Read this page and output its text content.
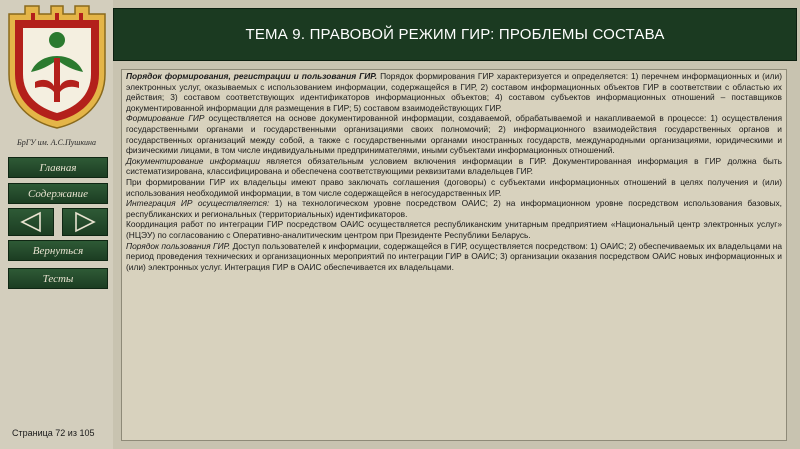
БрГУ им. А.С.Пушкина
Главная
Содержание
Вернуться
Тесты
Страница 72 из 105
ТЕМА 9. ПРАВОВОЙ РЕЖИМ ГИР: ПРОБЛЕМЫ СОСТАВА

Порядок формирования, регистрации и пользования ГИР. Порядок формирования ГИР характеризуется и определяется: 1) перечнем информационных и (или) электронных услуг, оказываемых с использованием информации, содержащейся в ГИР, 2) составом информационных объектов ГИР в соответствии с областью их действия; 3) составом соответствующих идентификаторов информационных объектов; 4) составом субъектов информационных отношений – поставщиков документированной информации для размещения в ГИР; 5) составом взаимодействующих ГИР.

Формирование ГИР осуществляется на основе документированной информации, создаваемой, обрабатываемой и накапливаемой в процессе: 1) осуществления государственными органами и государственными организациями своих полномочий; 2) информационного взаимодействия государственных органов и государственных организаций между собой, а также с государственными органами иностранных государств, международными организациями, юридическими и физическими лицами, в том числе индивидуальными предпринимателями, иными субъектами информационных отношений.

Документирование информации является обязательным условием включения информации в ГИР. Документированная информация в ГИР должна быть систематизирована, классифицирована и обеспечена соответствующими реквизитами владельцев ГИР.

При формировании ГИР их владельцы имеют право заключать соглашения (договоры) с субъектами информационных отношений в целях получения и (или) использования необходимой информации, в том числе содержащейся в негосударственных ИР.

Интеграция ИР осуществляется: 1) на технологическом уровне посредством ОАИС; 2) на информационном уровне посредством использования базовых, республиканских и региональных (территориальных) идентификаторов.

Координация работ по интеграции ГИР посредством ОАИС осуществляется республиканским унитарным предприятием «Национальный центр электронных услуг» (НЦЭУ) по согласованию с Оперативно-аналитическим центром при Президенте Республики Беларусь.

Порядок пользования ГИР. Доступ пользователей к информации, содержащейся в ГИР, осуществляется посредством: 1) ОАИС; 2) обеспечиваемых их владельцами на период проведения технических и организационных мероприятий по интеграции ГИР в ОАИС; 3) организации оказания посредством ОАИС новых информационных и (или) электронных услуг. Интеграция ГИР в ОАИС обеспечивается их владельцами.
